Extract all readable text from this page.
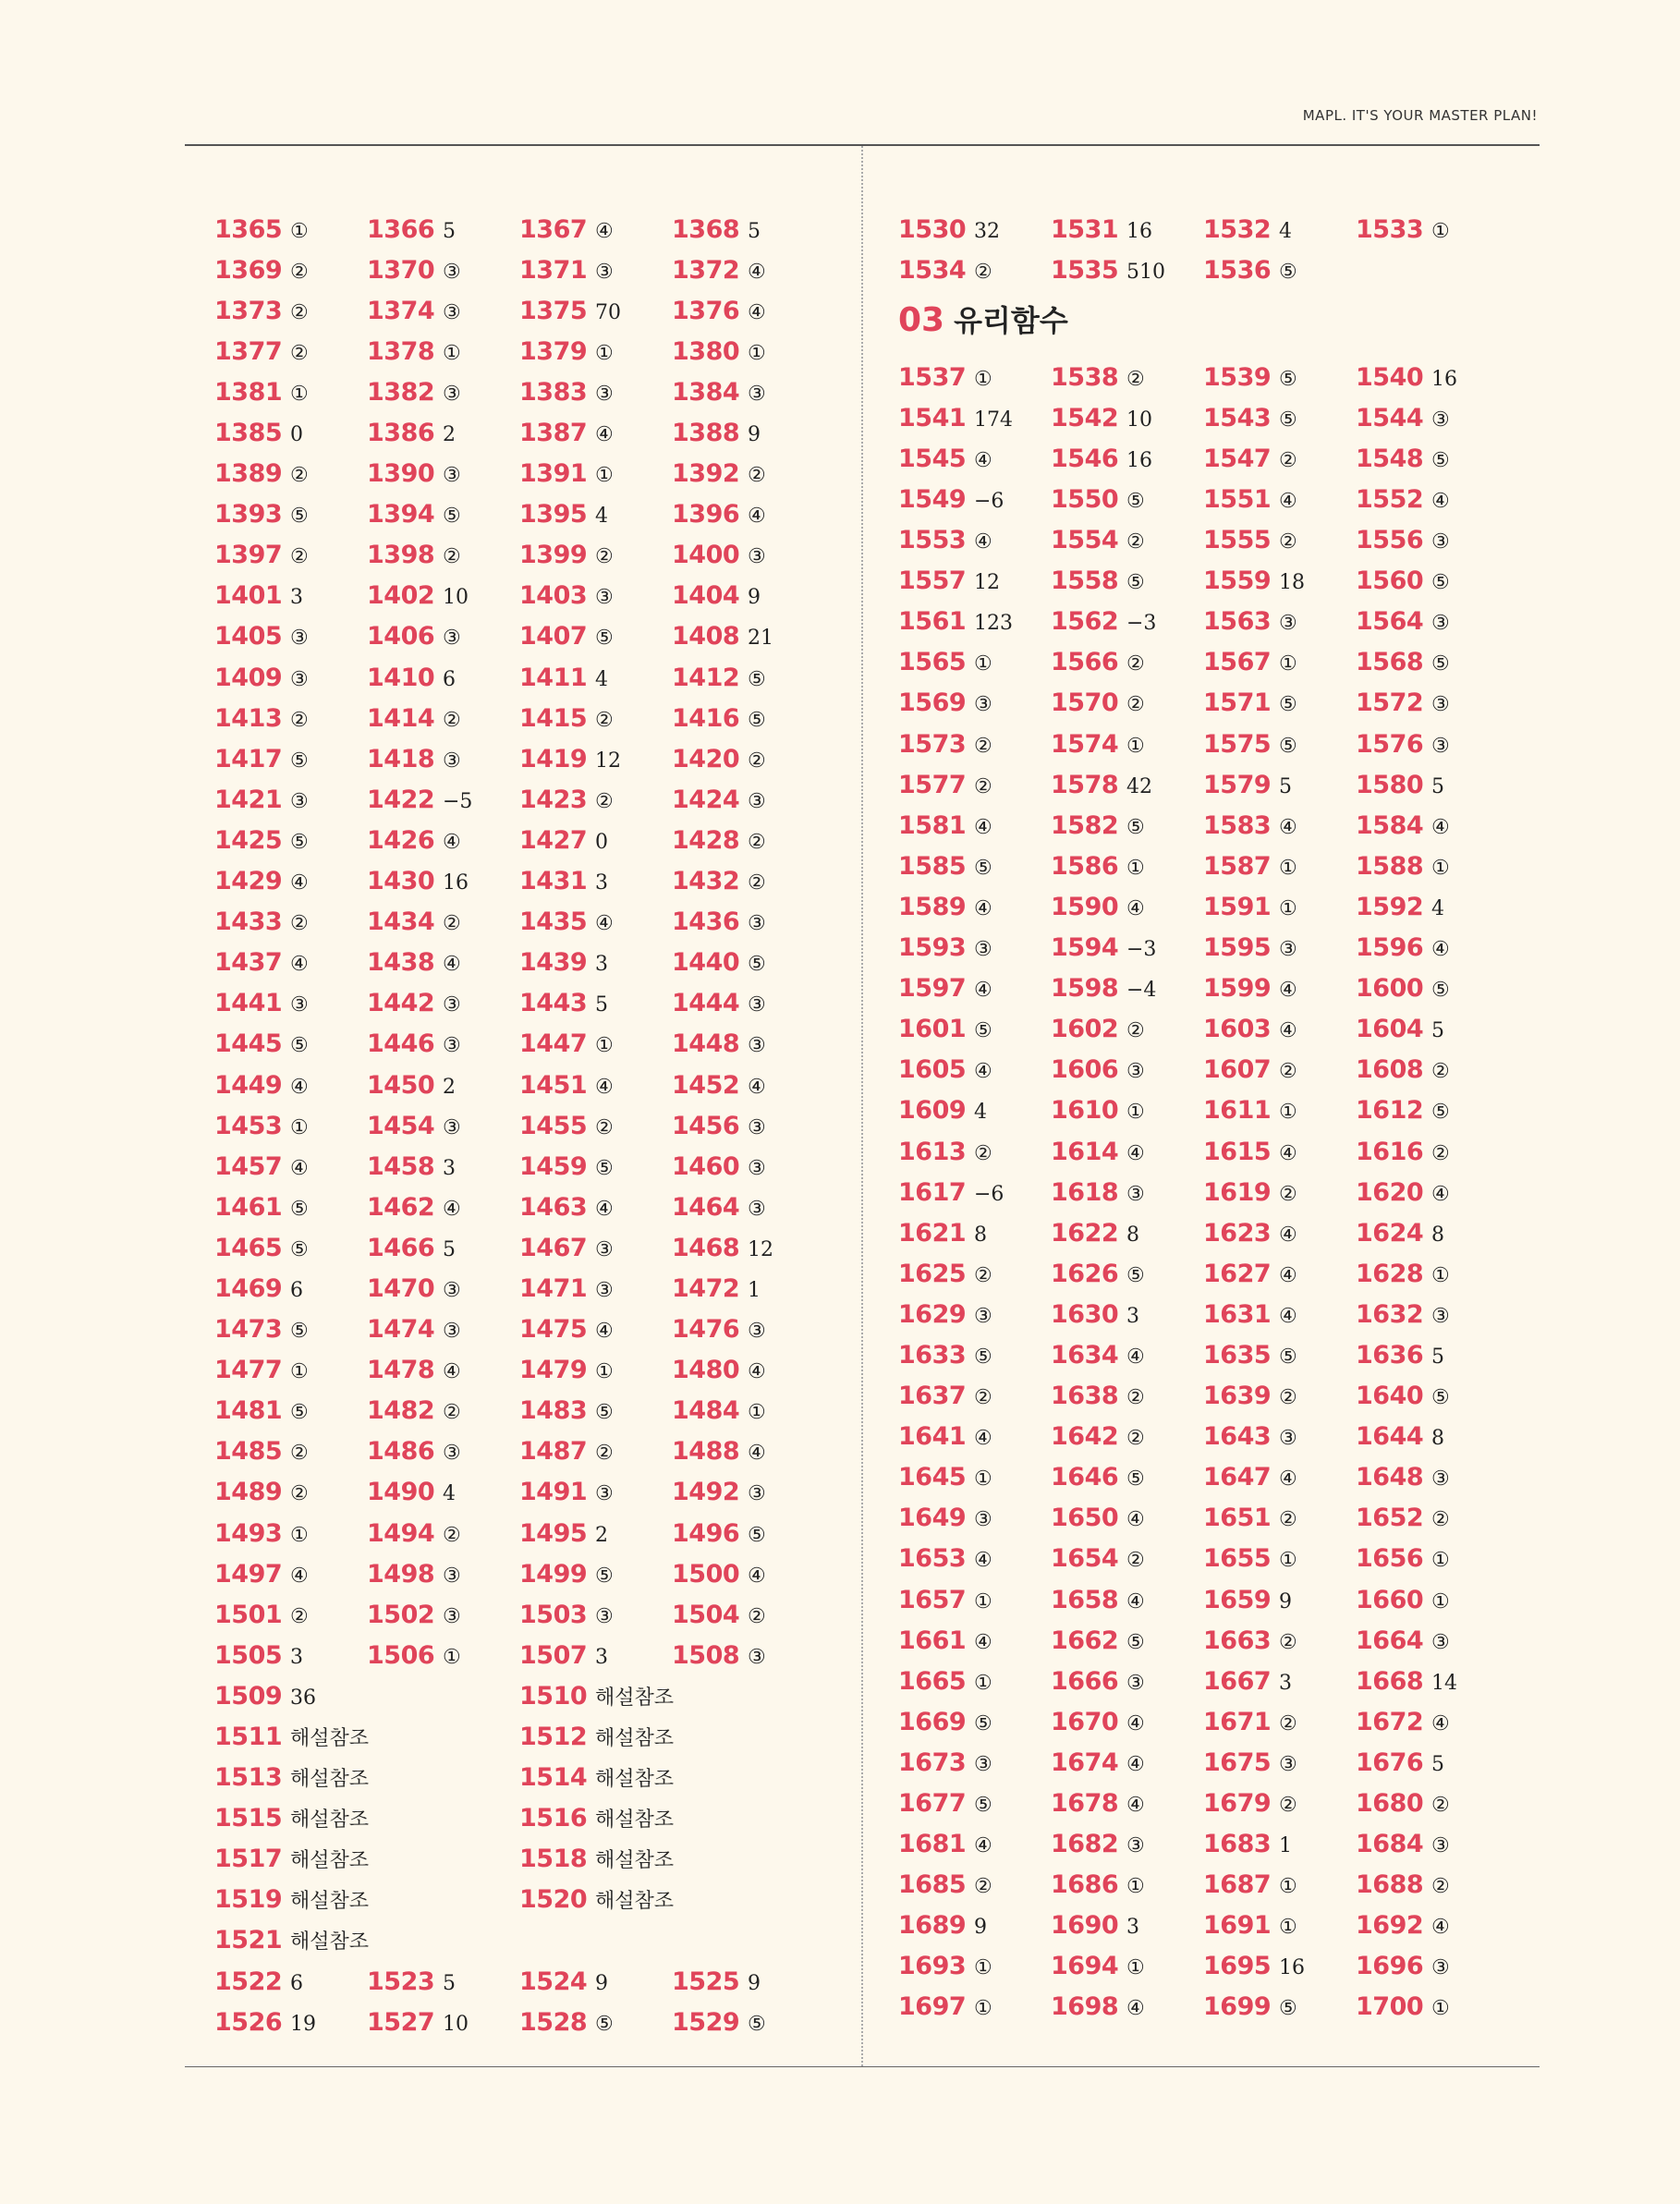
MAPL. IT'S YOUR MASTER PLAN!
1365 ① 1366 5	1367 ④ 1368 5
1369 ② 1370 ③ 1371 ③ 1372 ④
1373 ② 1374 ③ 1375 70 1376 ④
1377 ② 1378 ① 1379 ① 1380 ①
1381 ① 1382 ③ 1383 ③ 1384 ③
1385 0	1386 2	1387 ④ 1388 9
1389 ② 1390 ③ 1391 ① 1392 ②
1393 ⑤ 1394 ⑤ 1395 4	1396 ④
1397 ② 1398 ② 1399 ② 1400 ③
1401 3	1402 10 1403 ③ 1404 9
1405 ③ 1406 ③ 1407 ⑤ 1408 21
1409 ③ 1410 6	1411 4	1412 ⑤
1413 ② 1414 ② 1415 ② 1416 ⑤
1417 ⑤ 1418 ③ 1419 12 1420 ②
1421 ③ 1422 −5 1423 ② 1424 ③
1425 ⑤ 1426 ④ 1427 0	1428 ②
1429 ④ 1430 16 1431 3	1432 ②
1433 ② 1434 ② 1435 ④ 1436 ③
1437 ④ 1438 ④ 1439 3	1440 ⑤
1441 ③ 1442 ③ 1443 5	1444 ③
1445 ⑤ 1446 ③ 1447 ① 1448 ③
1449 ④ 1450 2	1451 ④ 1452 ④
1453 ① 1454 ③ 1455 ② 1456 ③
1457 ④ 1458 3	1459 ⑤ 1460 ③
1461 ⑤ 1462 ④ 1463 ④ 1464 ③
1465 ⑤ 1466 5	1467 ③ 1468 12
1469 6	1470 ③ 1471 ③ 1472 1
1473 ⑤ 1474 ③ 1475 ④ 1476 ③
1477 ① 1478 ④ 1479 ① 1480 ④
1481 ⑤ 1482 ② 1483 ⑤ 1484 ①
1485 ② 1486 ③ 1487 ② 1488 ④
1489 ② 1490 4	1491 ③ 1492 ③
1493 ① 1494 ② 1495 2	1496 ⑤
1497 ④ 1498 ③ 1499 ⑤ 1500 ④
1501 ② 1502 ③ 1503 ③ 1504 ②
1505 3	1506 ① 1507 3	1508 ③
1509 36	1510 해설참조
1511 해설참조	1512 해설참조
1513 해설참조	1514 해설참조
1515 해설참조	1516 해설참조
1517 해설참조	1518 해설참조
1519 해설참조	1520 해설참조
1521 해설참조
1522 6	1523 5	1524 9	1525 9
1526 19 1527 10 1528 ⑤ 1529 ⑤
1530 32 1531 16 1532 4	1533 ①
1534 ② 1535 510 1536 ⑤
03 유리함수
1537 ① 1538 ② 1539 ⑤ 1540 16
1541 174 1542 10 1543 ⑤ 1544 ③
1545 ④ 1546 16 1547 ② 1548 ⑤
1549 −6 1550 ⑤ 1551 ④ 1552 ④
1553 ④ 1554 ② 1555 ② 1556 ③
1557 12 1558 ⑤ 1559 18 1560 ⑤
1561 123 1562 −3 1563 ③ 1564 ③
1565 ① 1566 ② 1567 ① 1568 ⑤
1569 ③ 1570 ② 1571 ⑤ 1572 ③
1573 ② 1574 ① 1575 ⑤ 1576 ③
1577 ② 1578 42 1579 5	1580 5
1581 ④ 1582 ⑤ 1583 ④ 1584 ④
1585 ⑤ 1586 ① 1587 ① 1588 ①
1589 ④ 1590 ④ 1591 ① 1592 4
1593 ③ 1594 −3 1595 ③ 1596 ④
1597 ④ 1598 −4 1599 ④ 1600 ⑤
1601 ⑤ 1602 ② 1603 ④ 1604 5
1605 ④ 1606 ③ 1607 ② 1608 ②
1609 4	1610 ① 1611 ① 1612 ⑤
1613 ② 1614 ④ 1615 ④ 1616 ②
1617 −6 1618 ③ 1619 ② 1620 ④
1621 8	1622 8	1623 ④ 1624 8
1625 ② 1626 ⑤ 1627 ④ 1628 ①
1629 ③ 1630 3	1631 ④ 1632 ③
1633 ⑤ 1634 ④ 1635 ⑤ 1636 5
1637 ② 1638 ② 1639 ② 1640 ⑤
1641 ④ 1642 ② 1643 ③ 1644 8
1645 ① 1646 ⑤ 1647 ④ 1648 ③
1649 ③ 1650 ④ 1651 ② 1652 ②
1653 ④ 1654 ② 1655 ① 1656 ①
1657 ① 1658 ④ 1659 9	1660 ①
1661 ④ 1662 ⑤ 1663 ② 1664 ③
1665 ① 1666 ③ 1667 3	1668 14
1669 ⑤ 1670 ④ 1671 ② 1672 ④
1673 ③ 1674 ④ 1675 ③ 1676 5
1677 ⑤ 1678 ④ 1679 ② 1680 ②
1681 ④ 1682 ③ 1683 1	1684 ③
1685 ② 1686 ① 1687 ① 1688 ②
1689 9	1690 3	1691 ① 1692 ④
1693 ① 1694 ① 1695 16 1696 ③
1697 ① 1698 ④ 1699 ⑤ 1700 ①
